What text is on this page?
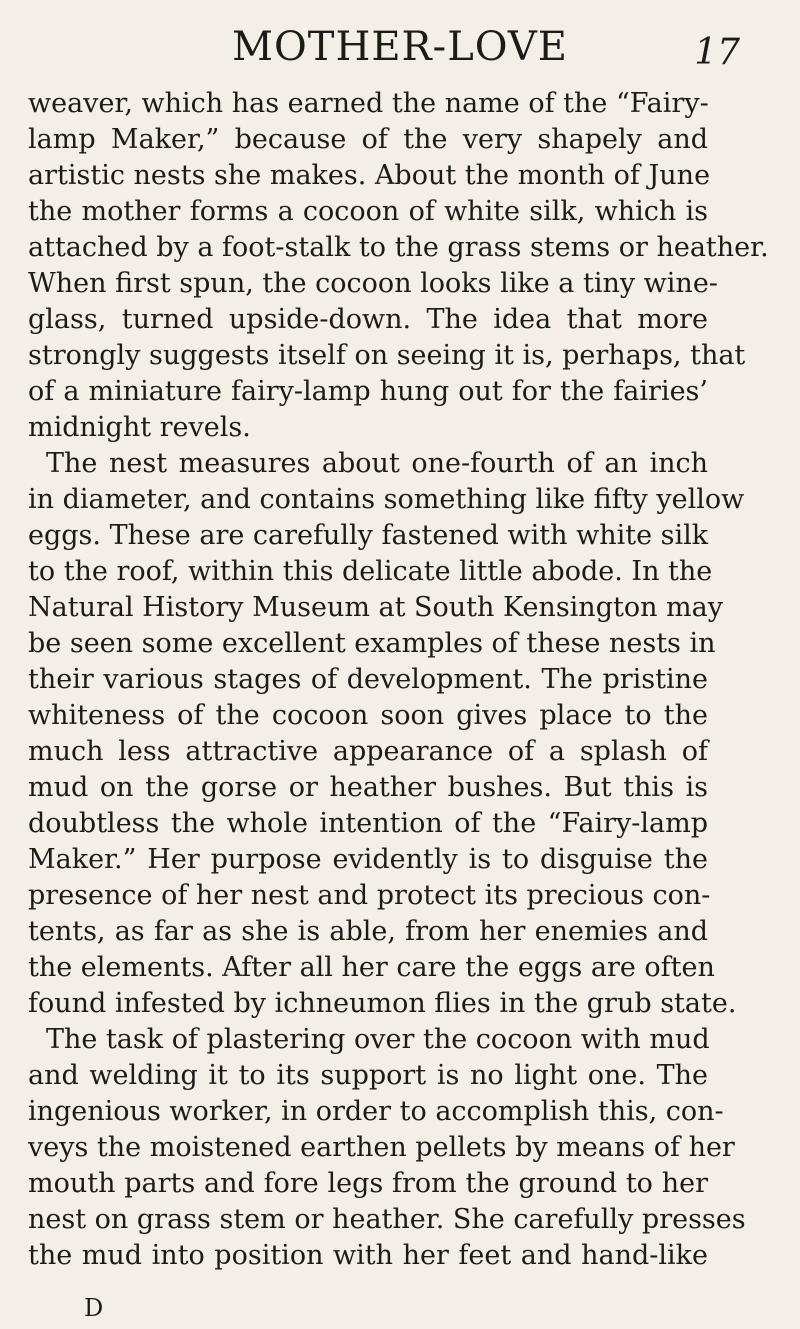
MOTHER-LOVE	17
weaver, which has earned the name of the “Fairy-
lamp Maker,” because of the very shapely and
artistic nests she makes. About the month of June
the mother forms a cocoon of white silk, which is
attached by a foot-stalk to the grass stems or heather.
When first spun, the cocoon looks like a tiny wine-
glass, turned upside-down. The idea that more
strongly suggests itself on seeing it is, perhaps, that
of a miniature fairy-lamp hung out for the fairies’
midnight revels.
The nest measures about one-fourth of an inch
in diameter, and contains something like fifty yellow
eggs. These are carefully fastened with white silk
to the roof, within this delicate little abode. In the
Natural History Museum at South Kensington may
be seen some excellent examples of these nests in
their various stages of development. The pristine
whiteness of the cocoon soon gives place to the
much less attractive appearance of a splash of
mud on the gorse or heather bushes. But this is
doubtless the whole intention of the “Fairy-lamp
Maker.” Her purpose evidently is to disguise the
presence of her nest and protect its precious con-
tents, as far as she is able, from her enemies and
the elements. After all her care the eggs are often
found infested by ichneumon flies in the grub state.
The task of plastering over the cocoon with mud
and welding it to its support is no light one. The
ingenious worker, in order to accomplish this, con-
veys the moistened earthen pellets by means of her
mouth parts and fore legs from the ground to her
nest on grass stem or heather. She carefully presses
the mud into position with her feet and hand-like
D
